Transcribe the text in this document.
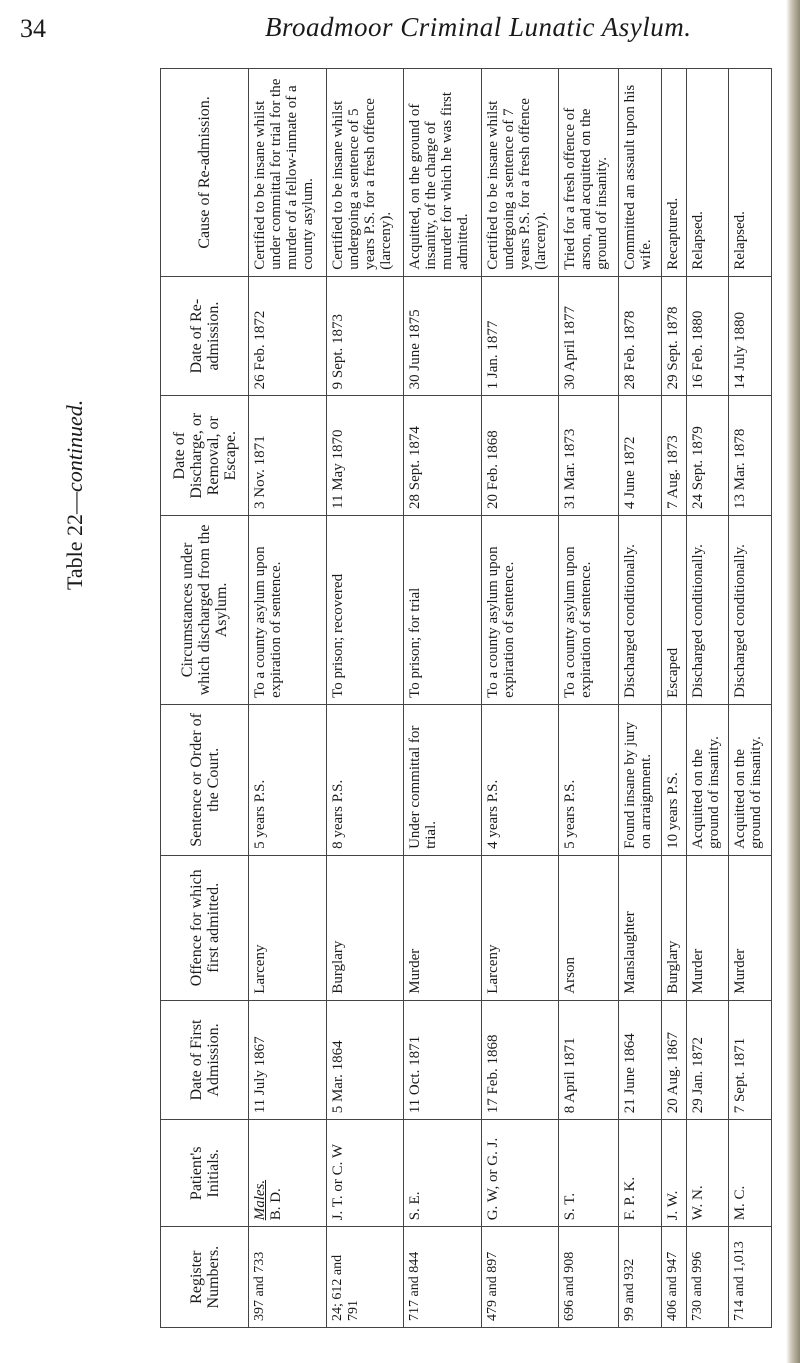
34	Broadmoor Criminal Lunatic Asylum.
Table 22—continued.
Register Numbers.	Patient's Initials.	Date of First Admission.	Offence for which first admitted.	Sentence or Order of the Court.	Circumstances under which discharged from the Asylum.	Date of Discharge, or Removal, or Escape.	Date of Re-admission.	Cause of Re-admission.
397 and 733	Males. B. D.	11 July 1867	Larceny	5 years P.S.	To a county asylum upon expiration of sentence.	3 Nov. 1871	26 Feb. 1872	Certified to be insane whilst under committal for trial for the murder of a fellow-inmate of a county asylum.
24; 612 and 791	J. T. or C. W	5 Mar. 1864	Burglary	8 years P.S.	To prison; recovered	11 May 1870	9 Sept. 1873	Certified to be insane whilst undergoing a sentence of 5 years P.S. for a fresh offence (larceny).
717 and 844	S. E.	11 Oct. 1871	Murder	Under committal for trial.	To prison; for trial	28 Sept. 1874	30 June 1875	Acquitted, on the ground of insanity, of the charge of murder for which he was first admitted.
479 and 897	G. W, or G. J.	17 Feb. 1868	Larceny	4 years P.S.	To a county asylum upon expiration of sentence.	20 Feb. 1868	1 Jan. 1877	Certified to be insane whilst undergoing a sentence of 7 years P.S. for a fresh offence (larceny).
696 and 908	S. T.	8 April 1871	Arson	5 years P.S.	To a county asylum upon expiration of sentence.	31 Mar. 1873	30 April 1877	Tried for a fresh offence of arson, and acquitted on the ground of insanity.
99 and 932	F. P. K.	21 June 1864	Manslaughter	Found insane by jury on arraignment.	Discharged conditionally.	4 June 1872	28 Feb. 1878	Committed an assault upon his wife.
406 and 947	J. W.	20 Aug. 1867	Burglary	10 years P.S.	Escaped	7 Aug. 1873	29 Sept. 1878	Recaptured.
730 and 996	W. N.	29 Jan. 1872	Murder	Acquitted on the ground of insanity.	Discharged conditionally.	24 Sept. 1879	16 Feb. 1880	Relapsed.
714 and 1,013	M. C.	7 Sept. 1871	Murder	Acquitted on the ground of insanity.	Discharged conditionally.	13 Mar. 1878	14 July 1880	Relapsed.
